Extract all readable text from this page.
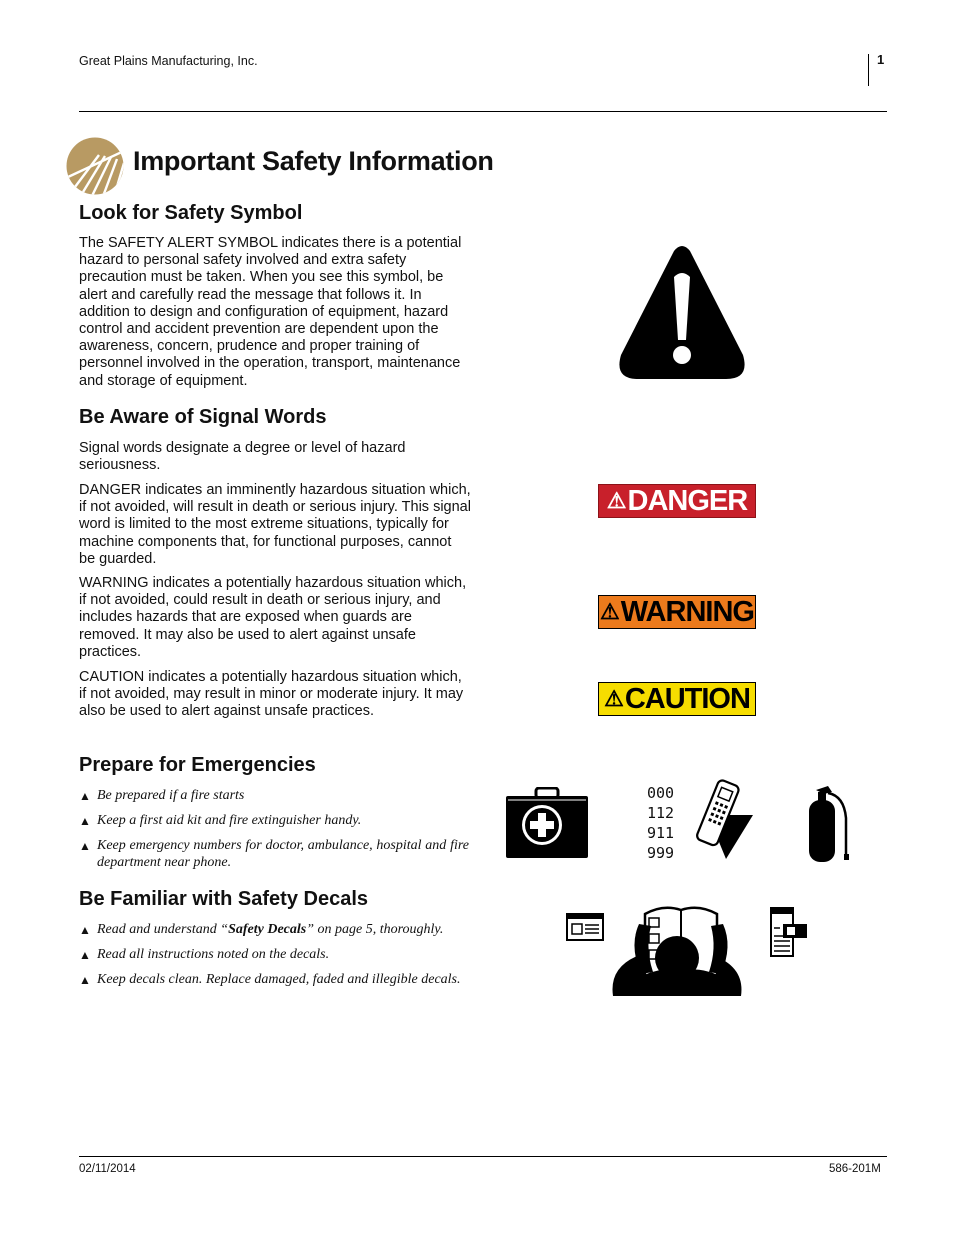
Great Plains Manufacturing, Inc.	1
Important Safety Information
Look for Safety Symbol

The SAFETY ALERT SYMBOL indicates there is a potential hazard to personal safety involved and extra safety precaution must be taken. When you see this symbol, be alert and carefully read the message that follows it. In addition to design and configuration of equipment, hazard control and accident prevention are dependent upon the awareness, concern, prudence and proper training of personnel involved in the operation, transport, maintenance and storage of equipment.

Be Aware of Signal Words

Signal words designate a degree or level of hazard seriousness.

DANGER indicates an imminently hazardous situation which, if not avoided, will result in death or serious injury. This signal word is limited to the most extreme situations, typically for machine components that, for functional purposes, cannot be guarded.

WARNING indicates a potentially hazardous situation which, if not avoided, could result in death or serious injury, and includes hazards that are exposed when guards are removed. It may also be used to alert against unsafe practices.

CAUTION indicates a potentially hazardous situation which, if not avoided, may result in minor or moderate injury. It may also be used to alert against unsafe practices.

Prepare for Emergencies
▲ Be prepared if a fire starts
▲ Keep a first aid kit and fire extinguisher handy.
▲ Keep emergency numbers for doctor, ambulance, hospital and fire department near phone.
Be Familiar with Safety Decals
▲ Read and understand “Safety Decals” on page 5, thoroughly.
▲ Read all instructions noted on the decals.
▲ Keep decals clean. Replace damaged, faded and illegible decals.
⚠ DANGER
⚠ WARNING
⚠ CAUTION
000
112
911
999
02/11/2014	586-201M
